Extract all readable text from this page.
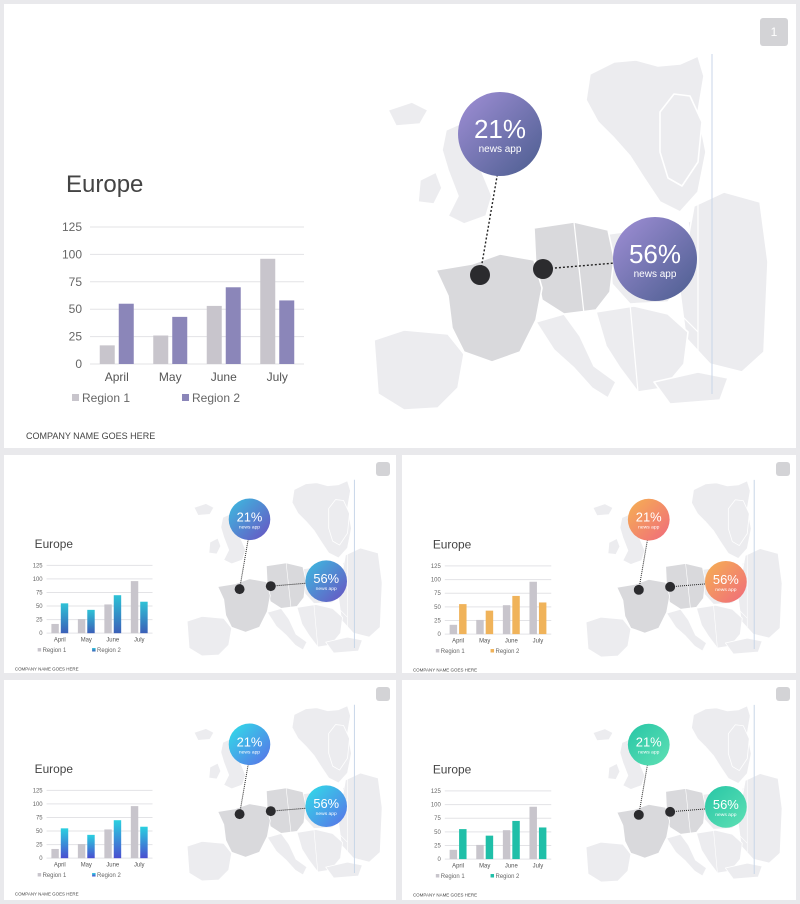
21%
news app
56%
news app
Europe
125
100
75
50
25
0
April	May June July
Region 1	Region 2
COMPANY NAME GOES HERE
1
21%
news app
56%
news app
Europe
125
100
75
50
25
0
April	May June July
Region 1	Region 2
COMPANY NAME GOES HERE
21%
news app
56%
news app
Europe
125
100
75
50
25
0
April	May June July
Region 1	Region 2
COMPANY NAME GOES HERE
21%
news app
56%
news app
Europe
125
100
75
50
25
0
April	May June July
Region 1	Region 2
COMPANY NAME GOES HERE
21%
news app
56%
news app
Europe
125
100
75
50
25
0
April	May June July
Region 1	Region 2
COMPANY NAME GOES HERE
